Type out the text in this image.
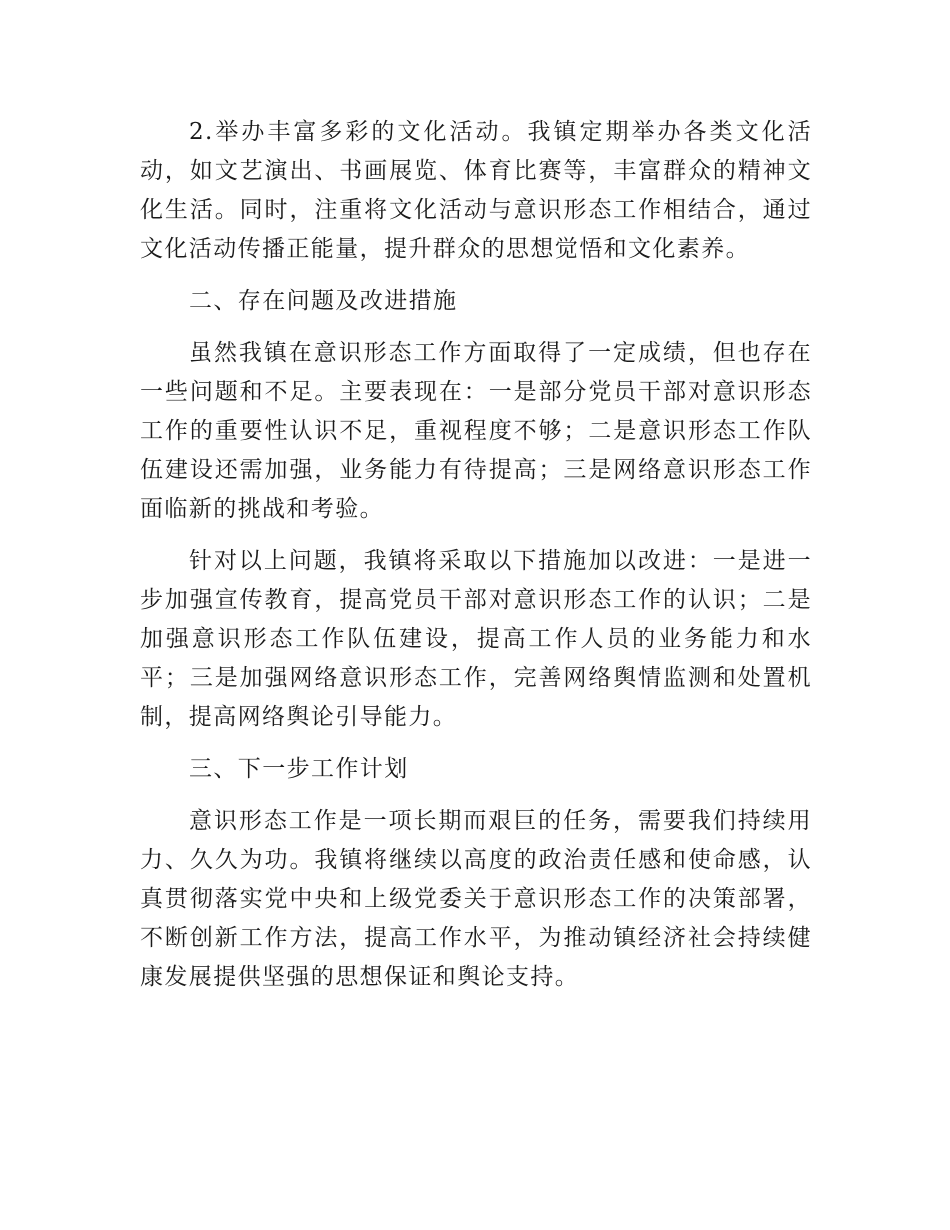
2.举办丰富多彩的文化活动。我镇定期举办各类文化活动，如文艺演出、书画展览、体育比赛等，丰富群众的精神文化生活。同时，注重将文化活动与意识形态工作相结合，通过文化活动传播正能量，提升群众的思想觉悟和文化素养。

二、存在问题及改进措施

虽然我镇在意识形态工作方面取得了一定成绩，但也存在一些问题和不足。主要表现在：一是部分党员干部对意识形态工作的重要性认识不足，重视程度不够；二是意识形态工作队伍建设还需加强，业务能力有待提高；三是网络意识形态工作面临新的挑战和考验。

针对以上问题，我镇将采取以下措施加以改进：一是进一步加强宣传教育，提高党员干部对意识形态工作的认识；二是加强意识形态工作队伍建设，提高工作人员的业务能力和水平；三是加强网络意识形态工作，完善网络舆情监测和处置机制，提高网络舆论引导能力。

三、下一步工作计划

意识形态工作是一项长期而艰巨的任务，需要我们持续用力、久久为功。我镇将继续以高度的政治责任感和使命感，认真贯彻落实党中央和上级党委关于意识形态工作的决策部署，不断创新工作方法，提高工作水平，为推动镇经济社会持续健康发展提供坚强的思想保证和舆论支持。
